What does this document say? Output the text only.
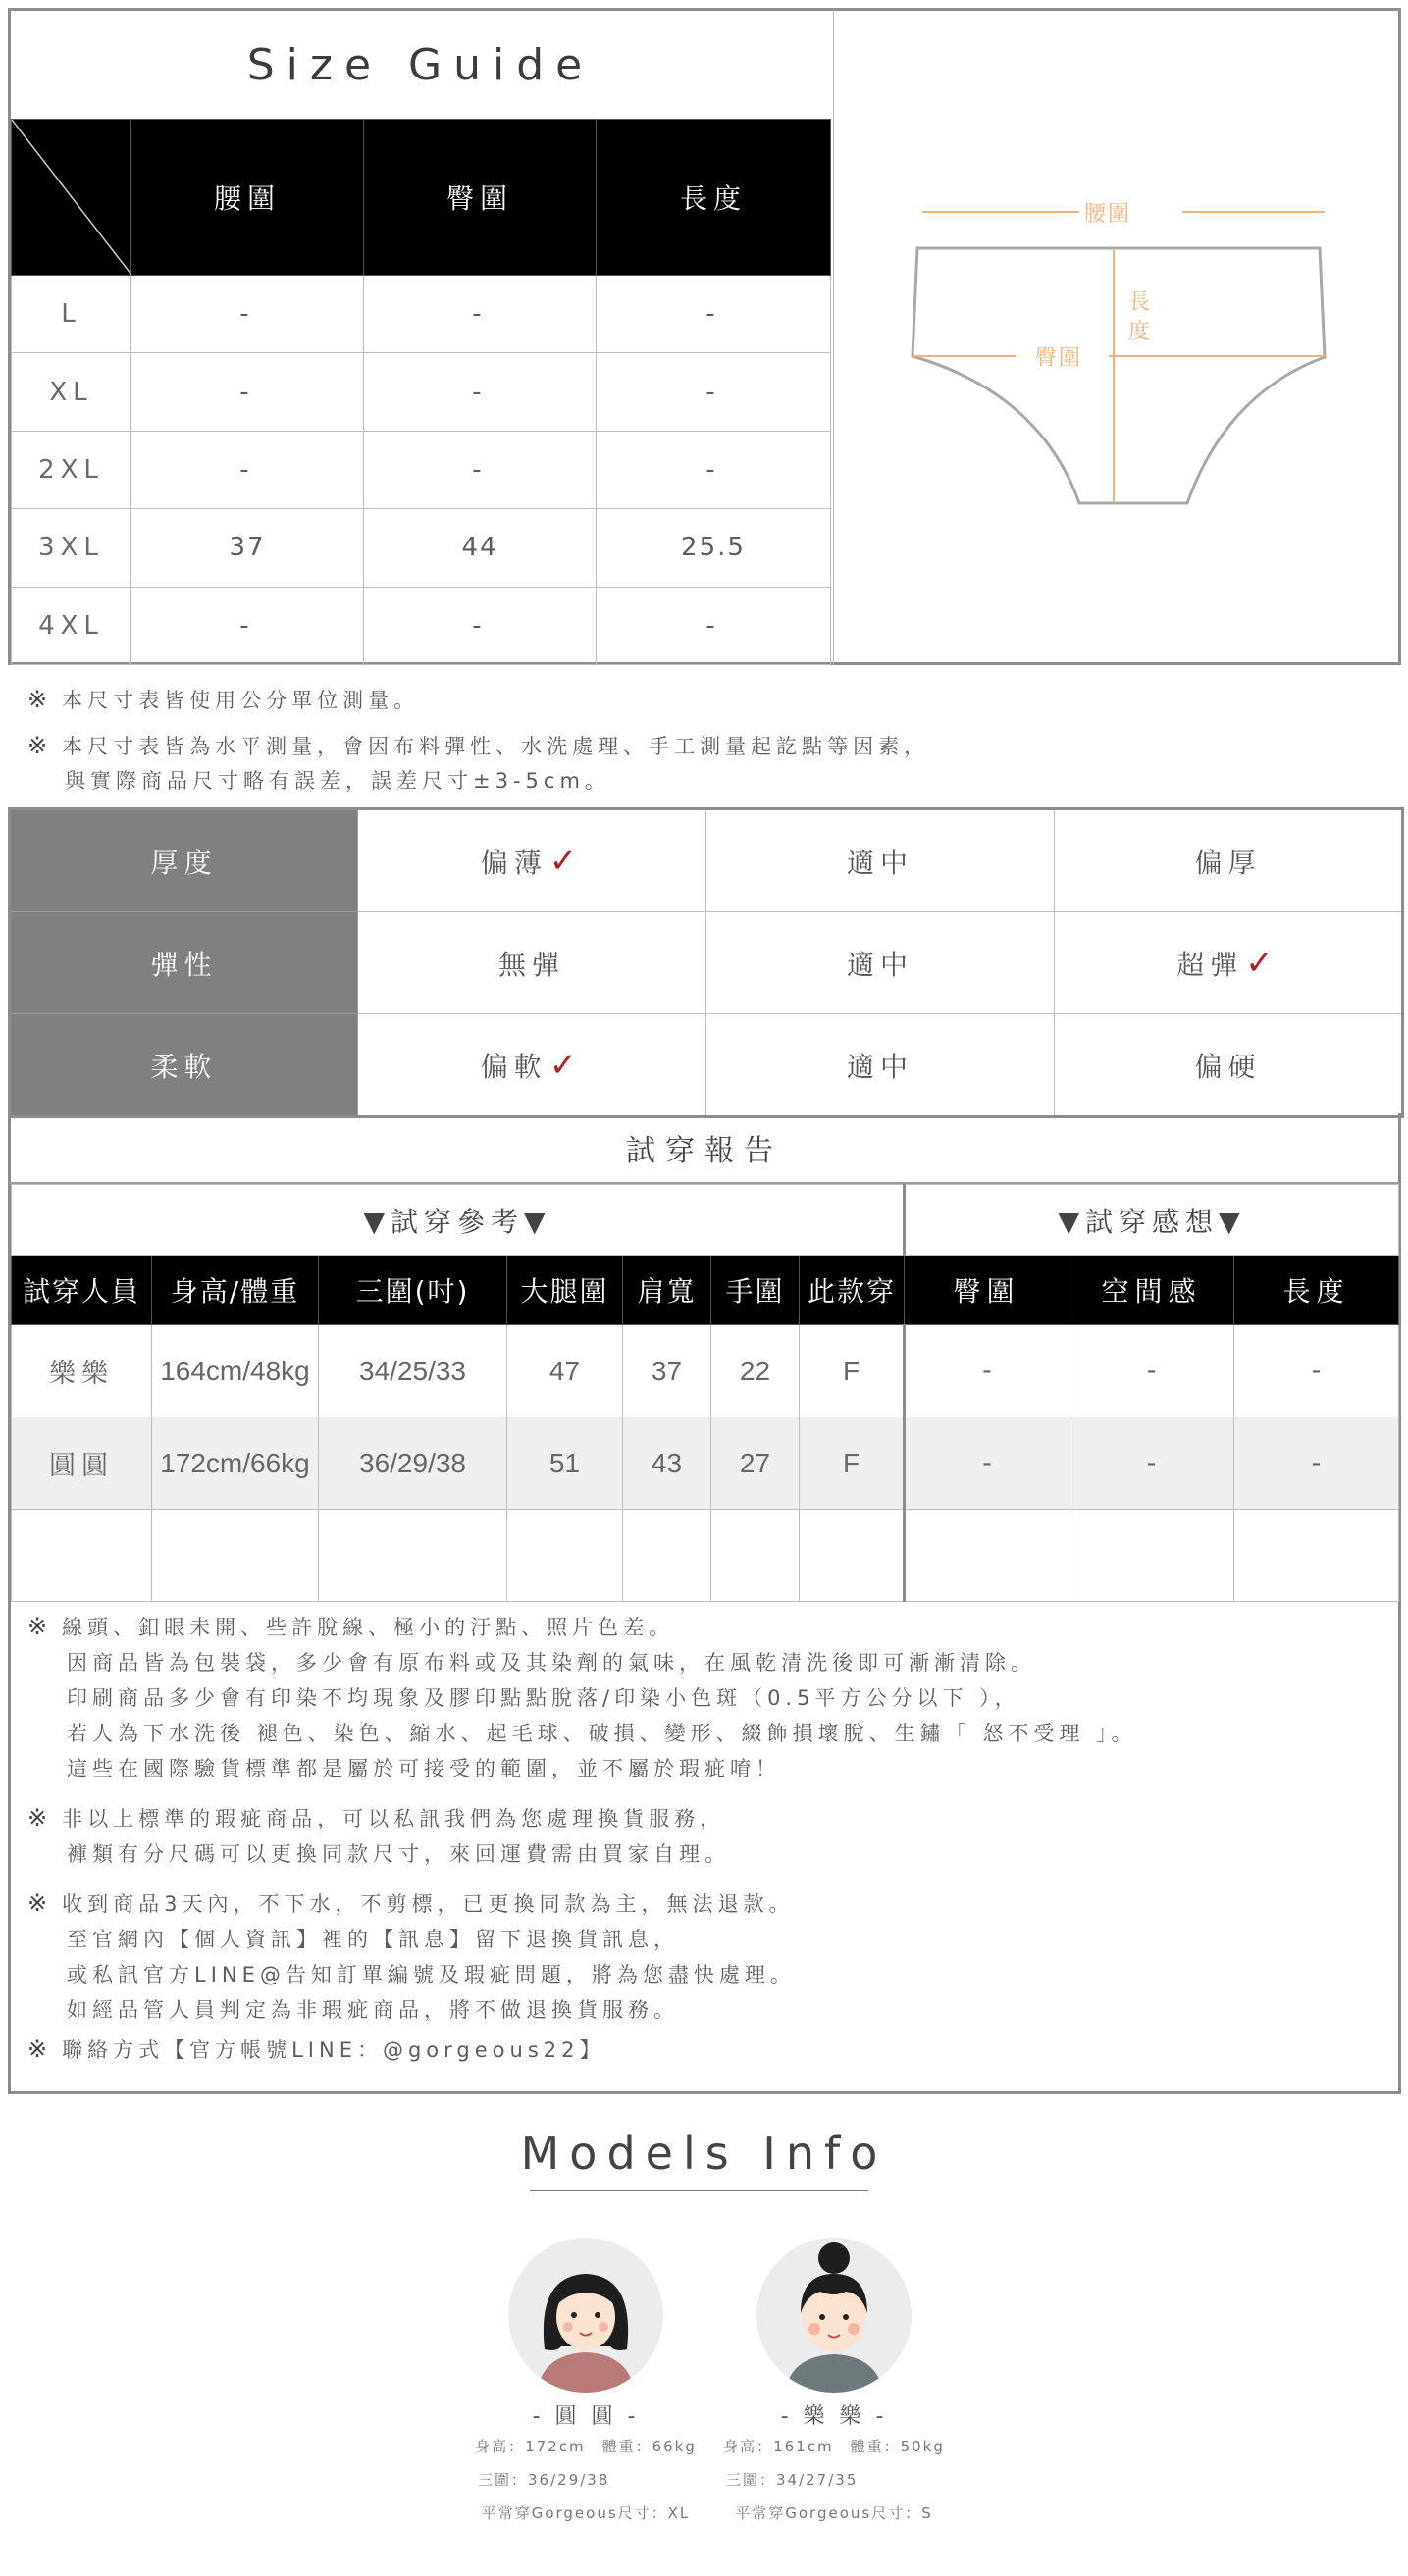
Size Guide
	腰圍	臀圍	長度
L	-	-	-
XL	-	-	-
2XL	-	-	-
3XL	37	44	25.5
4XL	-	-	-
腰圍
臀圍
長
度
※ 本尺寸表皆使用公分單位測量。
※ 本尺寸表皆為水平測量，會因布料彈性、水洗處理、手工測量起訖點等因素，
與實際商品尺寸略有誤差，誤差尺寸±3-5cm。
厚度	偏薄✓	適中	偏厚
彈性	無彈	適中	超彈✓
柔軟	偏軟✓	適中	偏硬
試穿報告
▼試穿參考▼							▼試穿感想▼		
試穿人員	身高/體重	三圍(吋)	大腿圍	肩寬	手圍	此款穿	臀圍	空間感	長度
樂樂	164cm/48kg	34/25/33	47	37	22	F	-	-	-
圓圓	172cm/66kg	36/29/38	51	43	27	F	-	-	-

※ 線頭、釦眼未開、些許脫線、極小的汙點、照片色差。
因商品皆為包裝袋，多少會有原布料或及其染劑的氣味，在風乾清洗後即可漸漸清除。
印刷商品多少會有印染不均現象及膠印點點脫落/印染小色斑（0.5平方公分以下 ），
若人為下水洗後 褪色、染色、縮水、起毛球、破損、變形、綴飾損壞脫、生鏽「 怒不受理 」。
這些在國際驗貨標準都是屬於可接受的範圍，並不屬於瑕疵唷！
※ 非以上標準的瑕疵商品，可以私訊我們為您處理換貨服務，
褲類有分尺碼可以更換同款尺寸，來回運費需由買家自理。
※ 收到商品3天內，不下水，不剪標，已更換同款為主，無法退款。
至官網內【個人資訊】裡的【訊息】留下退換貨訊息，
或私訊官方LINE@告知訂單編號及瑕疵問題，將為您盡快處理。
如經品管人員判定為非瑕疵商品，將不做退換貨服務。
※ 聯絡方式【官方帳號LINE：@gorgeous22】
Models Info
- 圓 圓 -
身高：172cm　體重：66kg
三圍：36/29/38
平常穿Gorgeous尺寸：XL
- 樂 樂 -
身高：161cm　體重：50kg
三圍：34/27/35
平常穿Gorgeous尺寸：S
